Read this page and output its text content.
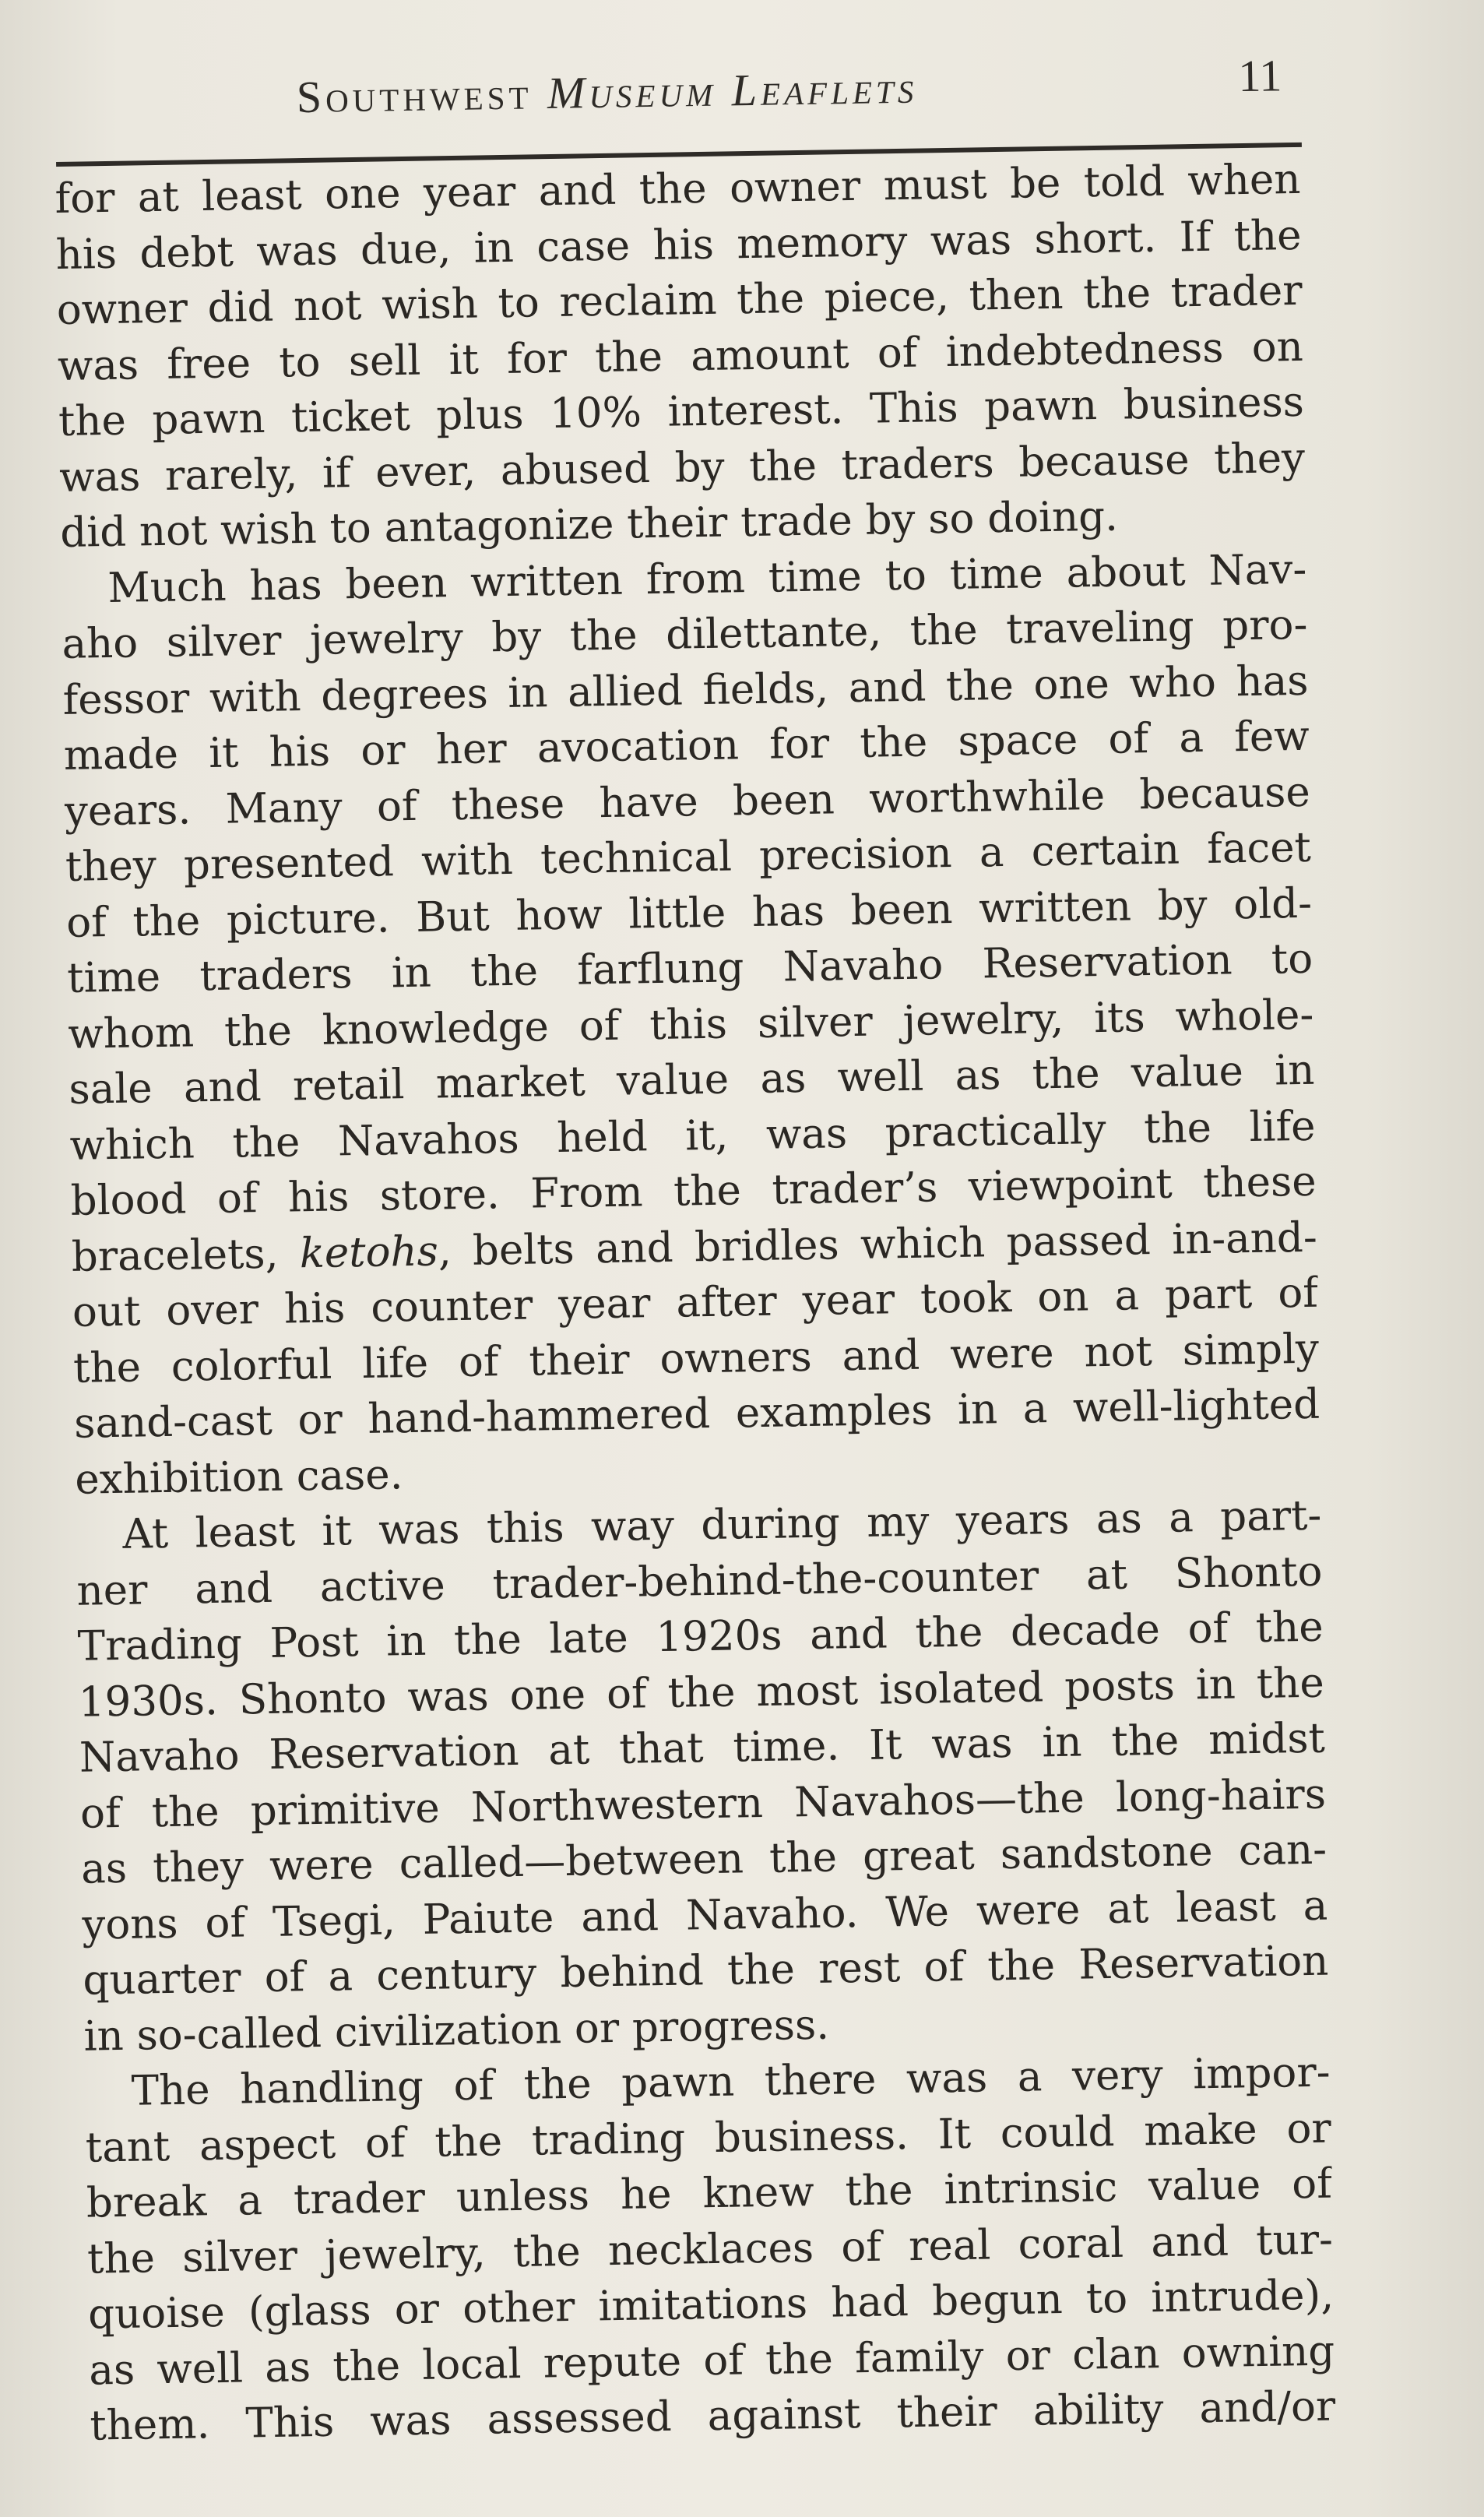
Southwest Museum Leaflets	11

for at least one year and the owner must be told when
his debt was due, in case his memory was short. If the
owner did not wish to reclaim the piece, then the trader
was free to sell it for the amount of indebtedness on
the pawn ticket plus 10% interest. This pawn business
was rarely, if ever, abused by the traders because they
did not wish to antagonize their trade by so doing.

Much has been written from time to time about Nav-
aho silver jewelry by the dilettante, the traveling pro-
fessor with degrees in allied fields, and the one who has
made it his or her avocation for the space of a few
years. Many of these have been worthwhile because
they presented with technical precision a certain facet
of the picture. But how little has been written by old-
time traders in the farflung Navaho Reservation to
whom the knowledge of this silver jewelry, its whole-
sale and retail market value as well as the value in
which the Navahos held it, was practically the life
blood of his store. From the trader’s viewpoint these
bracelets, ketohs, belts and bridles which passed in-and-
out over his counter year after year took on a part of
the colorful life of their owners and were not simply
sand-cast or hand-hammered examples in a well-lighted
exhibition case.

At least it was this way during my years as a part-
ner and active trader-behind-the-counter at Shonto
Trading Post in the late 1920s and the decade of the
1930s. Shonto was one of the most isolated posts in the
Navaho Reservation at that time. It was in the midst
of the primitive Northwestern Navahos—the long-hairs
as they were called—between the great sandstone can-
yons of Tsegi, Paiute and Navaho. We were at least a
quarter of a century behind the rest of the Reservation
in so-called civilization or progress.

The handling of the pawn there was a very impor-
tant aspect of the trading business. It could make or
break a trader unless he knew the intrinsic value of
the silver jewelry, the necklaces of real coral and tur-
quoise (glass or other imitations had begun to intrude),
as well as the local repute of the family or clan owning
them. This was assessed against their ability and/or
